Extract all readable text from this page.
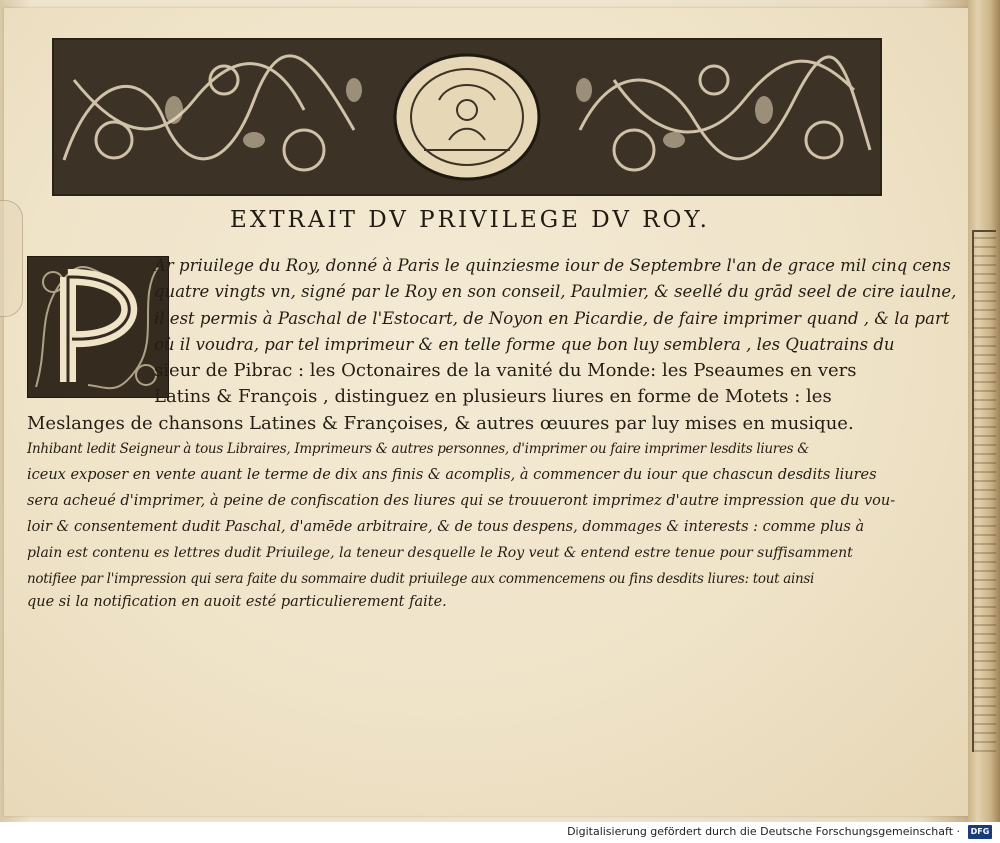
EXTRAIT DV PRIVILEGE DV ROY.
Ar priuilege du Roy, donné à Paris le quinziesme iour de Septembre l'an de grace mil cinq cens
quatre vingts vn, signé par le Roy en son conseil, Paulmier, & seellé du grād seel de cire iaulne,
il est permis à Paschal de l'Estocart, de Noyon en Picardie, de faire imprimer quand , & la part
où il voudra, par tel imprimeur & en telle forme que bon luy semblera , les Quatrains du
sieur de Pibrac : les Octonaires de la vanité du Monde: les Pseaumes en vers
Latins & François , distinguez en plusieurs liures en forme de Motets : les
Meslanges de chansons Latines & Françoises, & autres œuures par luy mises en musique.
Inhibant ledit Seigneur à tous Libraires, Imprimeurs & autres personnes, d'imprimer ou faire imprimer lesdits liures &
iceux exposer en vente auant le terme de dix ans finis & acomplis, à commencer du iour que chascun desdits liures
sera acheué d'imprimer, à peine de confiscation des liures qui se trouueront imprimez d'autre impression que du vou-
loir & consentement dudit Paschal, d'amēde arbitraire, & de tous despens, dommages & interests : comme plus à
plain est contenu es lettres dudit Priuilege, la teneur desquelle le Roy veut & entend estre tenue pour suffisamment
notifiee par l'impression qui sera faite du sommaire dudit priuilege aux commencemens ou fins desdits liures: tout ainsi
que si la notification en auoit esté particulierement faite.
Digitalisierung gefördert durch die Deutsche Forschungsgemeinschaft ·	DFG
